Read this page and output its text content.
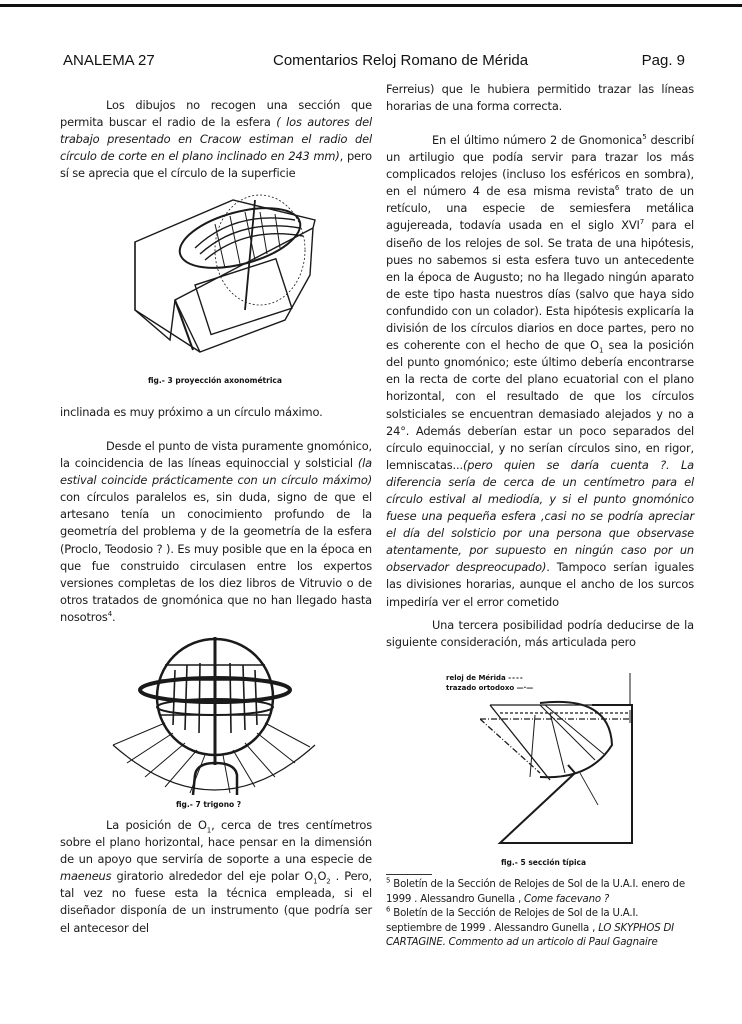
ANALEMA 27	Comentarios Reloj Romano de Mérida	Pag. 9

Los dibujos no recogen una sección que permita buscar el radio de la esfera ( los autores del trabajo presentado en Cracow estiman el radio del círculo de corte en el plano inclinado en 243 mm), pero sí se aprecia que el círculo de la superficie

fig.- 3 proyección axonométrica

inclinada es muy próximo a un círculo máximo.

Desde el punto de vista puramente gnomónico, la coincidencia de las líneas equinoccial y solsticial (la estival coincide prácticamente con un círculo máximo) con círculos paralelos es, sin duda, signo de que el artesano tenía un conocimiento profundo de la geometría del problema y de la geometría de la esfera (Proclo, Teodosio ? ). Es muy posible que en la época en que fue construido circulasen entre los expertos versiones completas de los diez libros de Vitruvio o de otros tratados de gnomónica que no han llegado hasta nosotros$^4$.

fig.- 7 trigono ?

La posición de $O_1$, cerca de tres centímetros sobre el plano horizontal, hace pensar en la dimensión de un apoyo que serviría de soporte a una especie de maeneus giratorio alrededor del eje polar $O_1O_2$ . Pero, tal vez no fuese esta la técnica empleada, si el diseñador disponía de un instrumento (que podría ser el antecesor del

Ferreius) que le hubiera permitido trazar las líneas horarias de una forma correcta.

En el último número 2 de Gnomonica$^5$ describí un artilugio que podía servir para trazar los más complicados relojes (incluso los esféricos en sombra), en el número 4 de esa misma revista$^6$ trato de un retículo, una especie de semiesfera metálica agujereada, todavía usada en el siglo XVI$^7$ para el diseño de los relojes de sol. Se trata de una hipótesis, pues no sabemos si esta esfera tuvo un antecedente en la época de Augusto; no ha llegado ningún aparato de este tipo hasta nuestros días (salvo que haya sido confundido con un colador). Esta hipótesis explicaría la división de los círculos diarios en doce partes, pero no es coherente con el hecho de que $O_1$ sea la posición del punto gnomónico; este último debería encontrarse en la recta de corte del plano ecuatorial con el plano horizontal, con el resultado de que los círculos solsticiales se encuentran demasiado alejados y no a 24°. Además deberían estar un poco separados del círculo equinoccial, y no serían círculos sino, en rigor, lemniscatas...(pero quien se daría cuenta ?. La diferencia sería de cerca de un centímetro para el círculo estival al mediodía, y si el punto gnomónico fuese una pequeña esfera ,casi no se podría apreciar el día del solsticio por una persona que observase atentamente, por supuesto en ningún caso por un observador despreocupado). Tampoco serían iguales las divisiones horarias, aunque el ancho de los surcos impediría ver el error cometido

Una tercera posibilidad podría deducirse de la siguiente consideración, más articulada pero

reloj de Mérida ----
trazado ortodoxo —·—
fig.- 5 sección típica

$^5$ Boletín de la Sección de Relojes de Sol de la U.A.I. enero de 1999 . Alessandro Gunella , Come facevano ?

$^6$ Boletín de la Sección de Relojes de Sol de la U.A.I. septiembre de 1999 . Alessandro Gunella , LO SKYPHOS DI CARTAGINE. Commento ad un articolo di Paul Gagnaire
